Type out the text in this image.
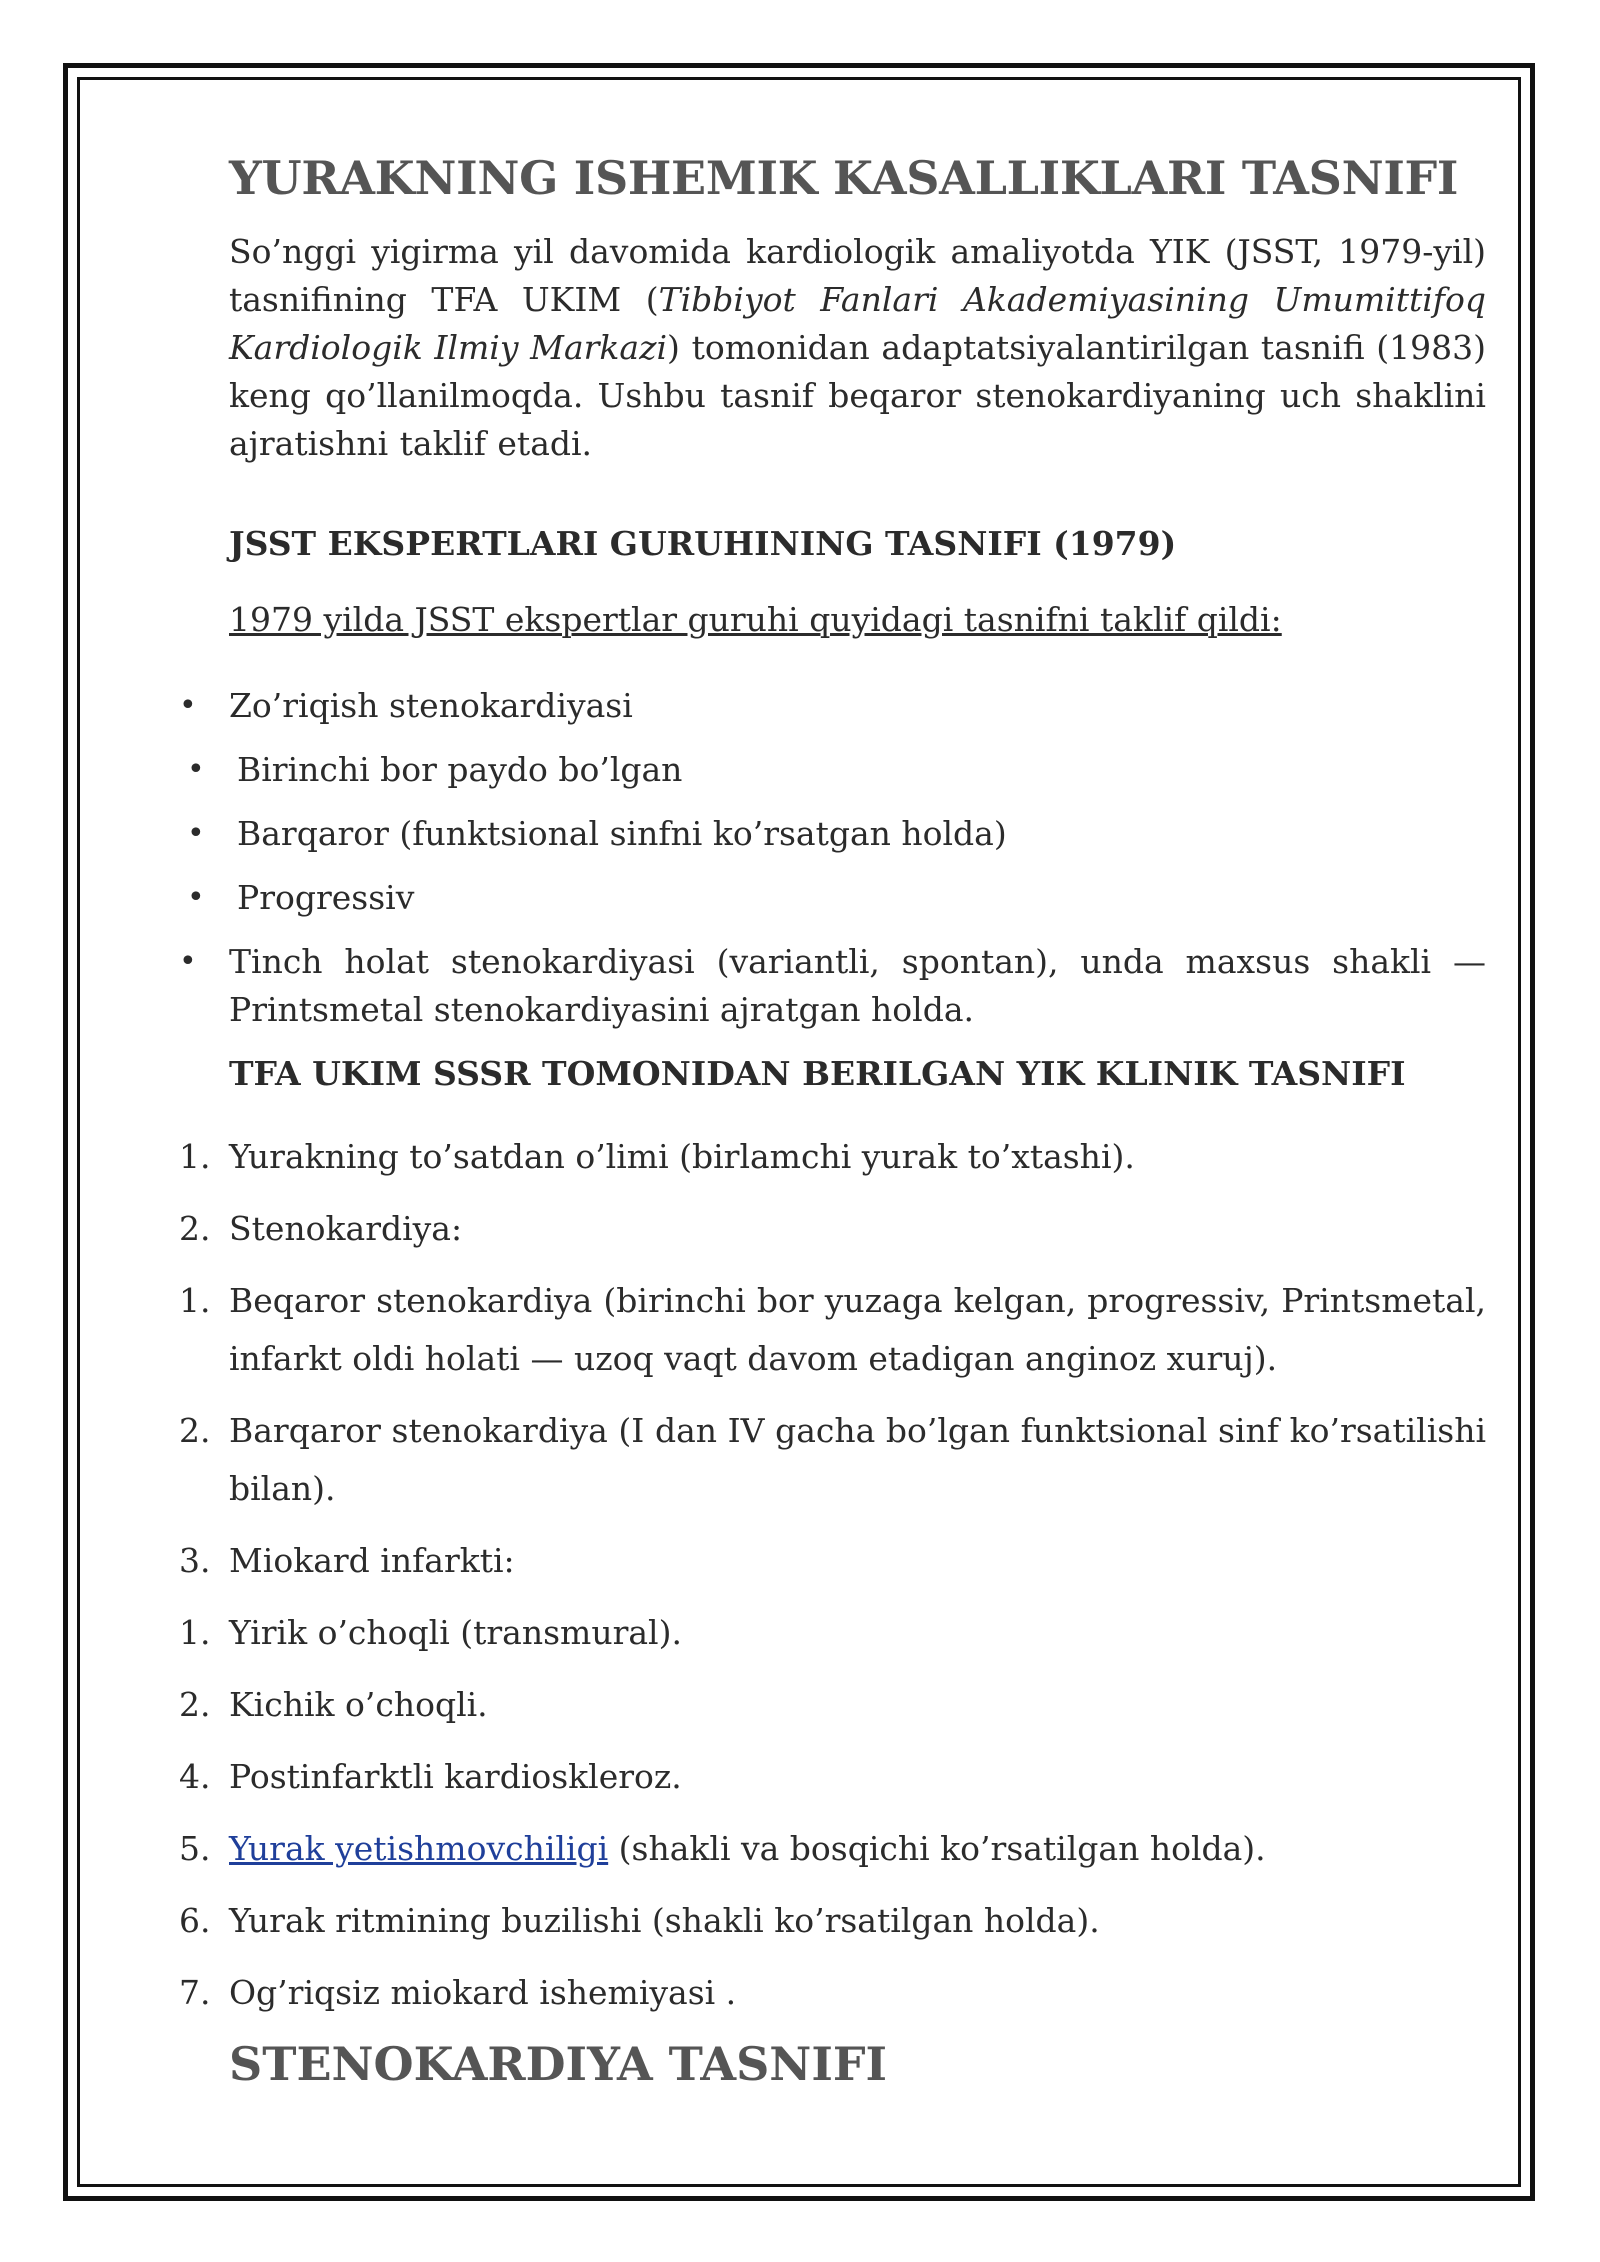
YURAKNING ISHEMIK KASALLIKLARI TASNIFI

So’nggi yigirma yil davomida kardiologik amaliyotda YIK (JSST, 1979-yil) tasnifining TFA UKIM (Tibbiyot Fanlari Akademiyasining Umumittifoq Kardiologik Ilmiy Markazi) tomonidan adaptatsiyalantirilgan tasnifi (1983) keng qo’llanilmoqda. Ushbu tasnif beqaror stenokardiyaning uch shaklini ajratishni taklif etadi.

JSST EKSPERTLARI GURUHINING TASNIFI (1979)
1979 yilda JSST ekspertlar guruhi quyidagi tasnifni taklif qildi:
• Zo’riqish stenokardiyasi
• Birinchi bor paydo bo’lgan
• Barqaror (funktsional sinfni ko’rsatgan holda)
• Progressiv
• Tinch holat stenokardiyasi (variantli, spontan), unda maxsus shakli — Printsmetal stenokardiyasini ajratgan holda.
TFA UKIM SSSR TOMONIDAN BERILGAN YIK KLINIK TASNIFI
1. Yurakning to’satdan o’limi (birlamchi yurak to’xtashi).
2. Stenokardiya:
1. Beqaror stenokardiya (birinchi bor yuzaga kelgan, progressiv, Printsmetal, infarkt oldi holati — uzoq vaqt davom etadigan anginoz xuruj).
2. Barqaror stenokardiya (I dan IV gacha bo’lgan funktsional sinf ko’rsatilishi bilan).
3. Miokard infarkti:
1. Yirik o’choqli (transmural).
2. Kichik o’choqli.
4. Postinfarktli kardioskleroz.
5. Yurak yetishmovchiligi (shakli va bosqichi ko’rsatilgan holda).
6. Yurak ritmining buzilishi (shakli ko’rsatilgan holda).
7. Og’riqsiz miokard ishemiyasi .
STENOKARDIYA TASNIFI
